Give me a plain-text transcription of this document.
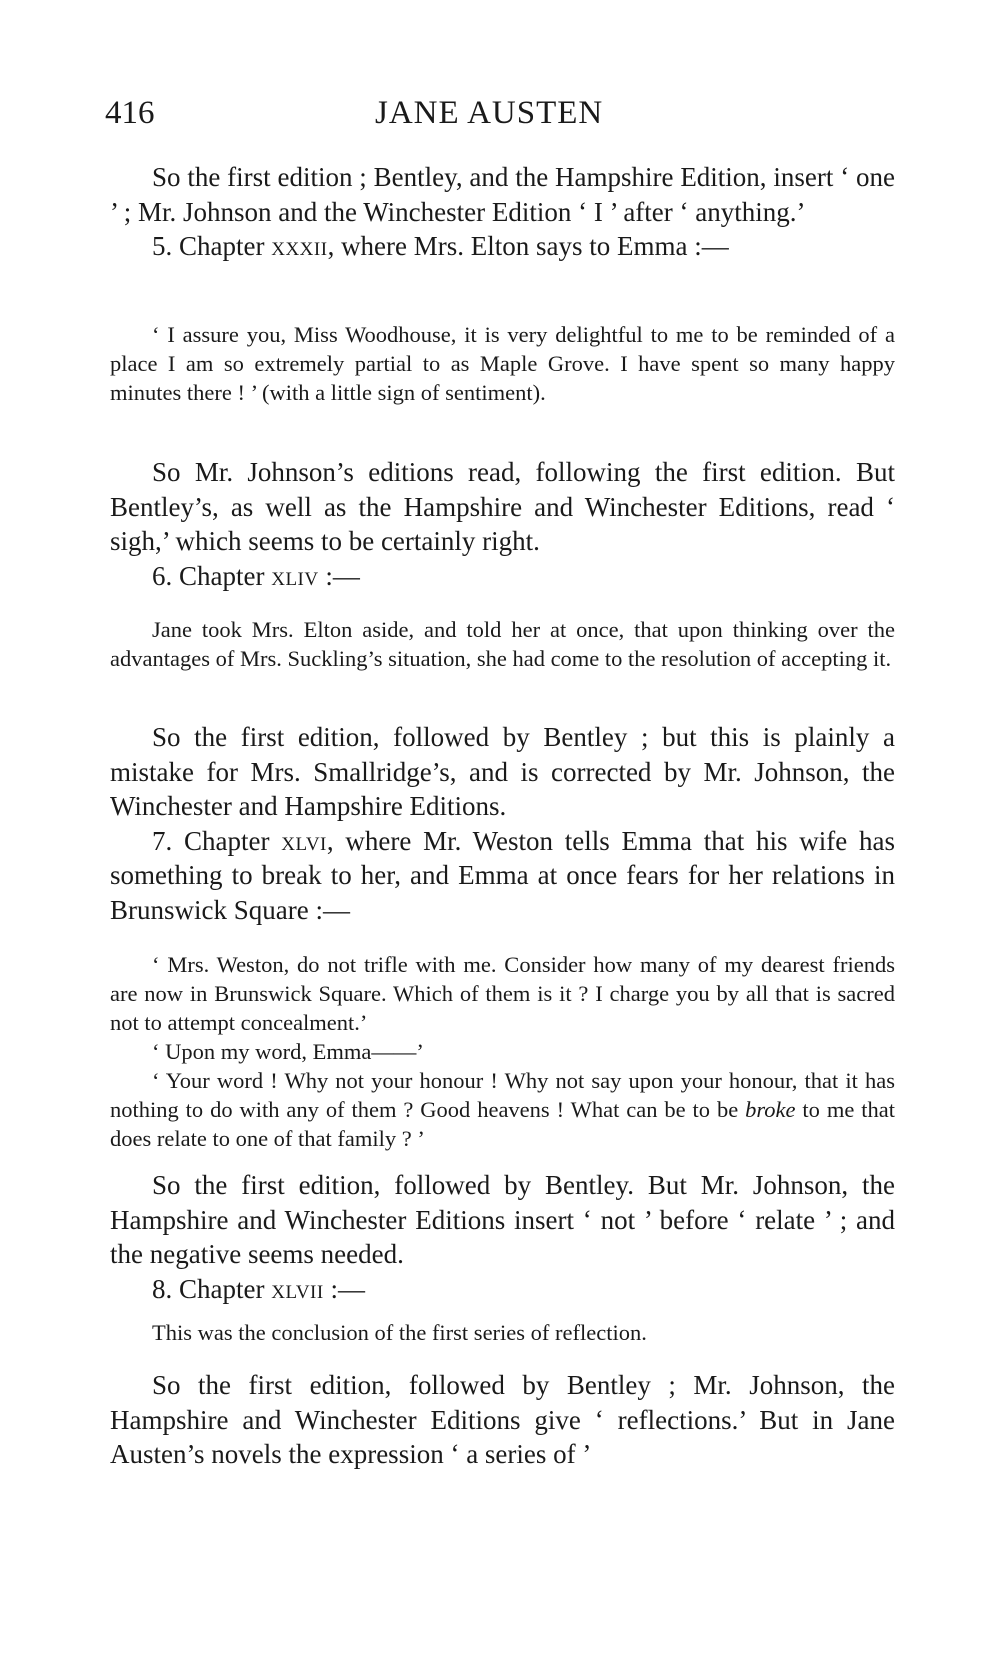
416	JANE AUSTEN

So the first edition ; Bentley, and the Hampshire Edition, insert ‘ one ’ ; Mr. Johnson and the Winchester Edition ‘ I ’ after ‘ anything.’

5. Chapter xxxii, where Mrs. Elton says to Emma :—

‘ I assure you, Miss Woodhouse, it is very delightful to me to be reminded of a place I am so extremely partial to as Maple Grove. I have spent so many happy minutes there ! ’ (with a little sign of sentiment).

So Mr. Johnson’s editions read, following the first edition. But Bentley’s, as well as the Hampshire and Winchester Editions, read ‘ sigh,’ which seems to be certainly right.

6. Chapter xliv :—

Jane took Mrs. Elton aside, and told her at once, that upon thinking over the advantages of Mrs. Suckling’s situation, she had come to the resolution of accepting it.

So the first edition, followed by Bentley ; but this is plainly a mistake for Mrs. Smallridge’s, and is corrected by Mr. Johnson, the Winchester and Hampshire Editions.

7. Chapter xlvi, where Mr. Weston tells Emma that his wife has something to break to her, and Emma at once fears for her relations in Brunswick Square :—

‘ Mrs. Weston, do not trifle with me. Consider how many of my dearest friends are now in Brunswick Square. Which of them is it ? I charge you by all that is sacred not to attempt concealment.’

‘ Upon my word, Emma——’

‘ Your word ! Why not your honour ! Why not say upon your honour, that it has nothing to do with any of them ? Good heavens ! What can be to be broke to me that does relate to one of that family ? ’

So the first edition, followed by Bentley. But Mr. Johnson, the Hampshire and Winchester Editions insert ‘ not ’ before ‘ relate ’ ; and the negative seems needed.

8. Chapter xlvii :—

This was the conclusion of the first series of reflection.

So the first edition, followed by Bentley ; Mr. Johnson, the Hampshire and Winchester Editions give ‘ reflections.’ But in Jane Austen’s novels the expression ‘ a series of ’
